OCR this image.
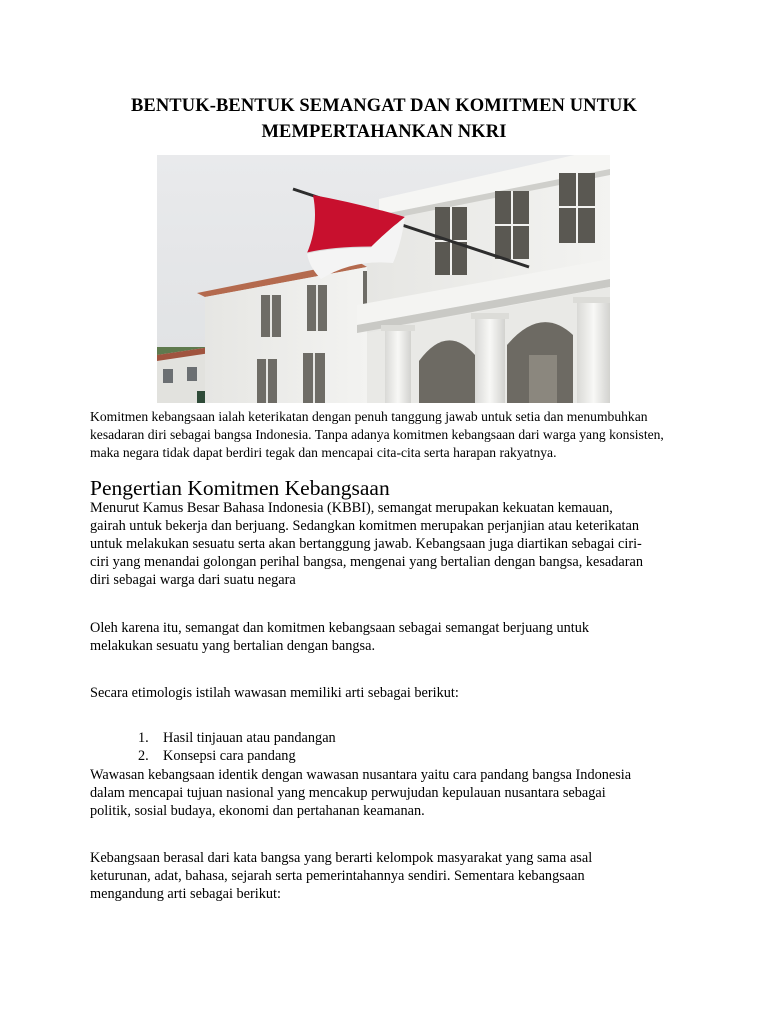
BENTUK-BENTUK SEMANGAT DAN KOMITMEN UNTUK
MEMPERTAHANKAN NKRI
Komitmen kebangsaan ialah keterikatan dengan penuh tanggung jawab untuk setia dan menumbuhkan
kesadaran diri sebagai bangsa Indonesia. Tanpa adanya komitmen kebangsaan dari warga yang konsisten,
maka negara tidak dapat berdiri tegak dan mencapai cita-cita serta harapan rakyatnya.
Pengertian Komitmen Kebangsaan
Menurut Kamus Besar Bahasa Indonesia (KBBI), semangat merupakan kekuatan kemauan,
gairah untuk bekerja dan berjuang. Sedangkan komitmen merupakan perjanjian atau keterikatan
untuk melakukan sesuatu serta akan bertanggung jawab. Kebangsaan juga diartikan sebagai ciri-
ciri yang menandai golongan perihal bangsa, mengenai yang bertalian dengan bangsa, kesadaran
diri sebagai warga dari suatu negara
Oleh karena itu, semangat dan komitmen kebangsaan sebagai semangat berjuang untuk
melakukan sesuatu yang bertalian dengan bangsa.
Secara etimologis istilah wawasan memiliki arti sebagai berikut:
1. Hasil tinjauan atau pandangan
2. Konsepsi cara pandang
Wawasan kebangsaan identik dengan wawasan nusantara yaitu cara pandang bangsa Indonesia
dalam mencapai tujuan nasional yang mencakup perwujudan kepulauan nusantara sebagai
politik, sosial budaya, ekonomi dan pertahanan keamanan.
Kebangsaan berasal dari kata bangsa yang berarti kelompok masyarakat yang sama asal
keturunan, adat, bahasa, sejarah serta pemerintahannya sendiri. Sementara kebangsaan
mengandung arti sebagai berikut:
